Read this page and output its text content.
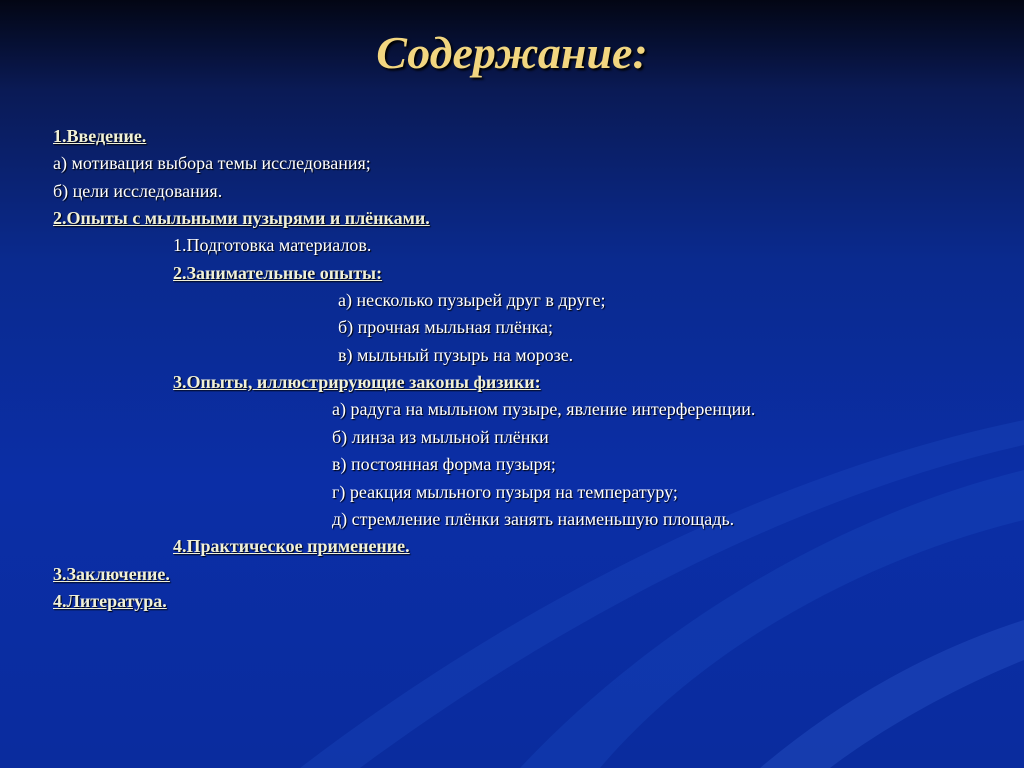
Содержание:
1.Введение.
а) мотивация выбора темы исследования;
б) цели исследования.
2.Опыты с мыльными пузырями и плёнками.
1.Подготовка материалов.
2.Занимательные опыты:
а) несколько пузырей друг в друге;
б) прочная мыльная плёнка;
в) мыльный пузырь на морозе.
3.Опыты, иллюстрирующие законы физики:
а) радуга на мыльном пузыре, явление интерференции.
б) линза из мыльной плёнки
в) постоянная форма пузыря;
г) реакция мыльного пузыря на температуру;
д) стремление плёнки занять наименьшую площадь.
4.Практическое применение.
3.Заключение.
4.Литература.
